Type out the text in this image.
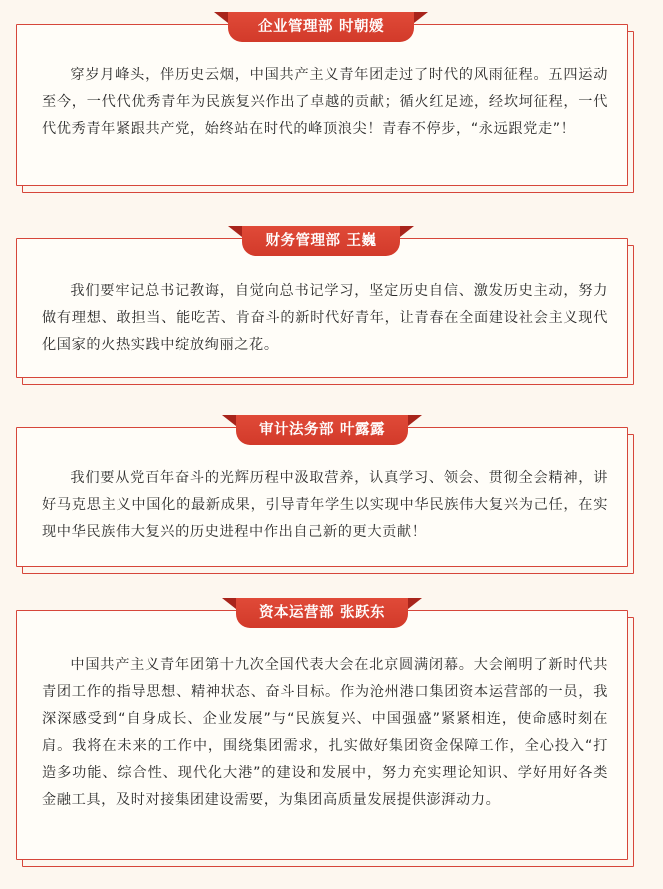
企业管理部 时朝媛
穿岁月峰头，伴历史云烟，中国共产主义青年团走过了时代的风雨征程。五四运动至今，一代代优秀青年为民族复兴作出了卓越的贡献；循火红足迹，经坎坷征程，一代代优秀青年紧跟共产党，始终站在时代的峰顶浪尖！青春不停步，“永远跟党走”！
财务管理部 王巍
我们要牢记总书记教诲，自觉向总书记学习，坚定历史自信、激发历史主动，努力做有理想、敢担当、能吃苦、肯奋斗的新时代好青年，让青春在全面建设社会主义现代化国家的火热实践中绽放绚丽之花。
审计法务部 叶露露
我们要从党百年奋斗的光辉历程中汲取营养，认真学习、领会、贯彻全会精神，讲好马克思主义中国化的最新成果，引导青年学生以实现中华民族伟大复兴为己任，在实现中华民族伟大复兴的历史进程中作出自己新的更大贡献！
资本运营部 张跃东
中国共产主义青年团第十九次全国代表大会在北京圆满闭幕。大会阐明了新时代共青团工作的指导思想、精神状态、奋斗目标。作为沧州港口集团资本运营部的一员，我深深感受到“自身成长、企业发展”与“民族复兴、中国强盛”紧紧相连，使命感时刻在肩。我将在未来的工作中，围绕集团需求，扎实做好集团资金保障工作，全心投入“打造多功能、综合性、现代化大港”的建设和发展中，努力充实理论知识、学好用好各类金融工具，及时对接集团建设需要，为集团高质量发展提供澎湃动力。
